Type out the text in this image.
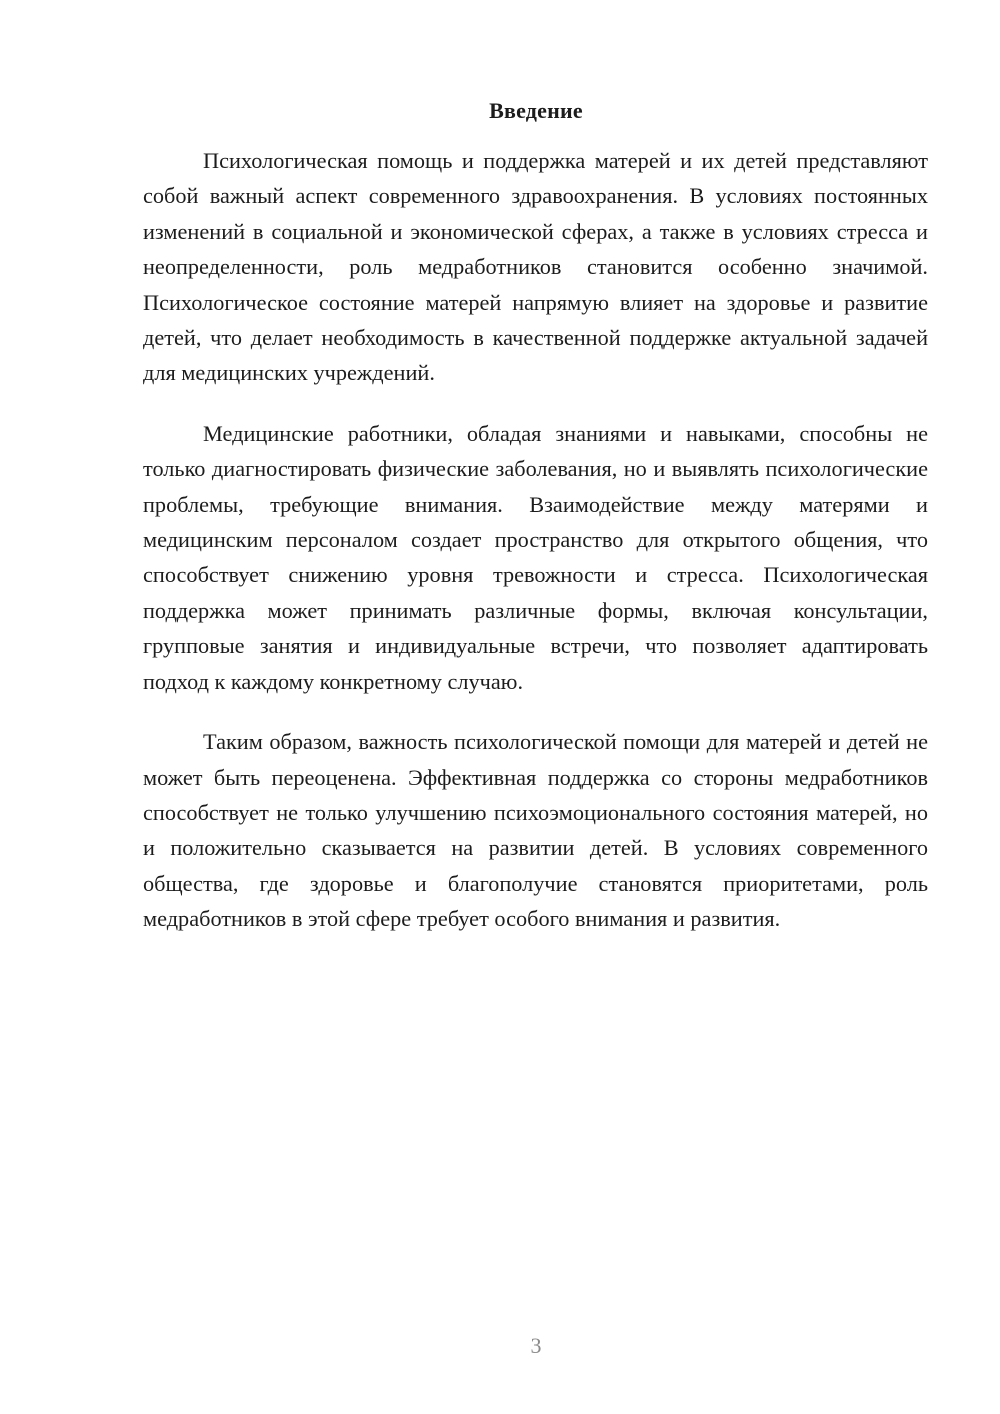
Введение

Психологическая помощь и поддержка матерей и их детей представляют собой важный аспект современного здравоохранения. В условиях постоянных изменений в социальной и экономической сферах, а также в условиях стресса и неопределенности, роль медработников становится особенно значимой. Психологическое состояние матерей напрямую влияет на здоровье и развитие детей, что делает необходимость в качественной поддержке актуальной задачей для медицинских учреждений.

Медицинские работники, обладая знаниями и навыками, способны не только диагностировать физические заболевания, но и выявлять психологические проблемы, требующие внимания. Взаимодействие между матерями и медицинским персоналом создает пространство для открытого общения, что способствует снижению уровня тревожности и стресса. Психологическая поддержка может принимать различные формы, включая консультации, групповые занятия и индивидуальные встречи, что позволяет адаптировать подход к каждому конкретному случаю.

Таким образом, важность психологической помощи для матерей и детей не может быть переоценена. Эффективная поддержка со стороны медработников способствует не только улучшению психоэмоционального состояния матерей, но и положительно сказывается на развитии детей. В условиях современного общества, где здоровье и благополучие становятся приоритетами, роль медработников в этой сфере требует особого внимания и развития.

3
